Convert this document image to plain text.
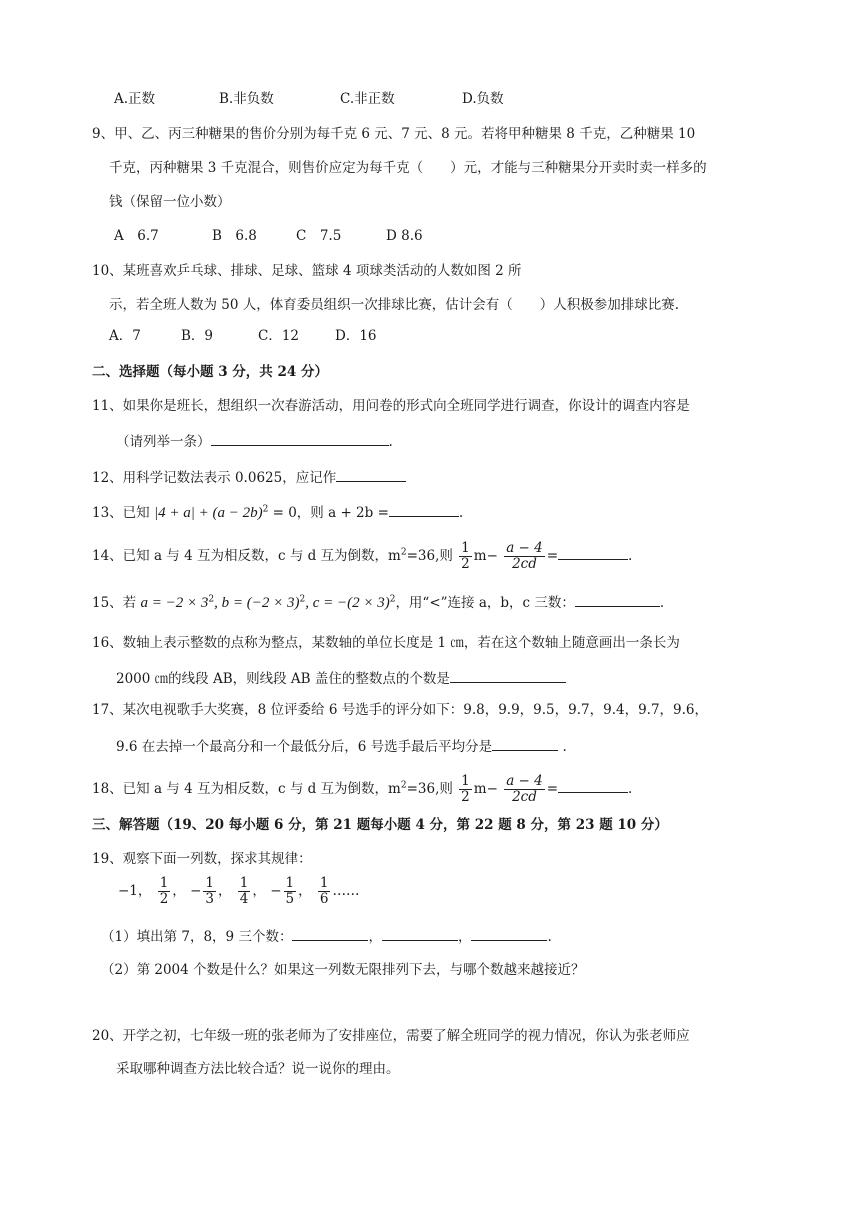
A.正数	B.非负数	C.非正数	D.负数
9、甲、乙、丙三种糖果的售价分别为每千克 6 元、7 元、8 元。若将甲种糖果 8 千克，乙种糖果 10
千克，丙种糖果 3 千克混合，则售价应定为每千克（　　）元，才能与三种糖果分开卖时卖一样多的
钱（保留一位小数）
A　6.7	B　6.8	C　7.5	D 8.6
10、某班喜欢乒乓球、排球、足球、篮球 4 项球类活动的人数如图 2 所
示，若全班人数为 50 人，体育委员组织一次排球比赛，估计会有（　　）人积极参加排球比赛.
A．7	B．9	C．12	D．16
二、选择题（每小题 3 分，共 24 分）
11、如果你是班长，想组织一次春游活动，用问卷的形式向全班同学进行调查，你设计的调查内容是
（请列举一条）	.
12、用科学记数法表示 0.0625，应记作
13、已知 $|4 + a| + (a - 2b)^2 = 0$，则 a + 2b =	.
14、已知 a 与 4 互为相反数，c 与 d 互为倒数，$m^2=36$,则 $\frac{1}{2} m- \frac{a - 4}{2cd}$ =	.
15、若 $a = -2 \times 3^2$, $b = (-2 \times 3)^2$, $c = -(2 \times 3)^2$，用“<”连接 a，b，c 三数：	.
16、数轴上表示整数的点称为整点，某数轴的单位长度是 1 ㎝，若在这个数轴上随意画出一条长为
2000 ㎝的线段 AB，则线段 AB 盖住的整数点的个数是
17、某次电视歌手大奖赛，8 位评委给 6 号选手的评分如下：9.8，9.9，9.5，9.7，9.4，9.7，9.6，
9.6 在去掉一个最高分和一个最低分后，6 号选手最后平均分是	.
18、已知 a 与 4 互为相反数，c 与 d 互为倒数，$m^2=36$,则 $\frac{1}{2} m- \frac{a - 4}{2cd}$ =	.
三、解答题（19、20 每小题 6 分，第 21 题每小题 4 分，第 22 题 8 分，第 23 题 10 分）
19、观察下面一列数，探求其规律：
−1， $\frac{1}{2}$ ， − $\frac{1}{3}$ ， $\frac{1}{4}$ ， − $\frac{1}{5}$ ， $\frac{1}{6}$ ……
（1）填出第 7，8，9 三个数：	，	，	.
（2）第 2004 个数是什么？如果这一列数无限排列下去，与哪个数越来越接近？
20、开学之初，七年级一班的张老师为了安排座位，需要了解全班同学的视力情况，你认为张老师应
采取哪种调查方法比较合适？说一说你的理由。
